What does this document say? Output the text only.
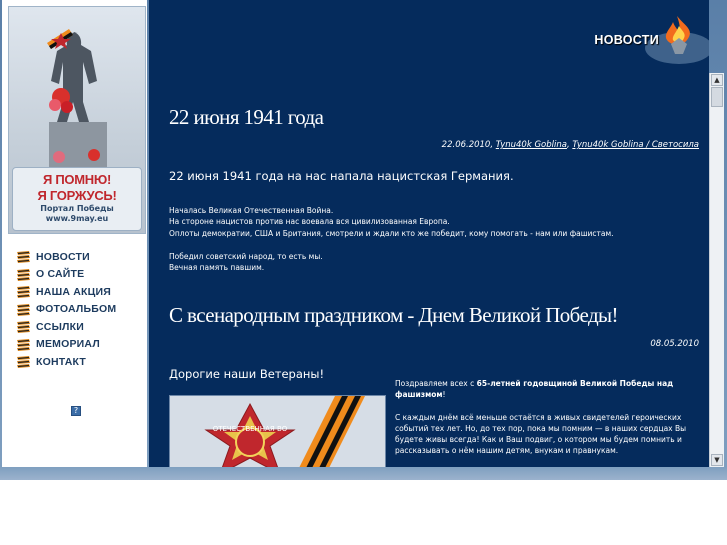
Я ПОМНЮ!
Я ГОРЖУСЬ!
Портал Победы
www.9may.eu
НОВОСТИ
О САЙТЕ
НАША АКЦИЯ
ФОТОАЛЬБОМ
ССЫЛКИ
МЕМОРИАЛ
КОНТАКТ
?
НОВОСТИ
22 июня 1941 года
22.06.2010, Tynu40k Goblina, Tynu40k Goblina / Светосила
22 июня 1941 года на нас напала нацистская Германия.

Началась Великая Отечественная Война.

На стороне нацистов против нас воевала вся цивилизованная Европа.

Оплоты демократии, США и Британия, смотрели и ждали кто же победит, кому помогать - нам или фашистам.

Победил советский народ, то есть мы.

Вечная память павшим.

С всенародным праздником - Днем Великой Победы!
08.05.2010
Дорогие наши Ветераны!
ОТЕЧЕСТВЕННАЯ ВО

Поздравляем всех с 65-летней годовщиной Великой Победы над фашизмом!

С каждым днём всё меньше остаётся в живых свидетелей героических событий тех лет. Но, до тех пор, пока мы помним — в наших сердцах Вы будете живы всегда! Как и Ваш подвиг, о котором мы будем помнить и рассказывать о нём нашим детям, внукам и правнукам.

▲
▼
